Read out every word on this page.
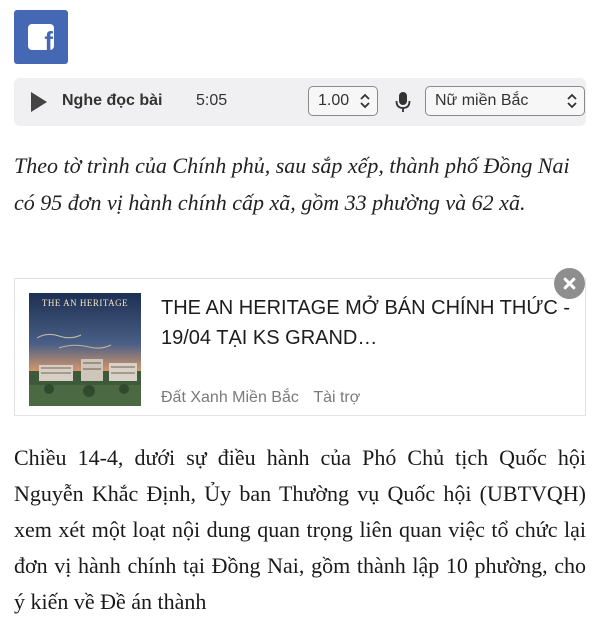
f
Nghe đọc bài 5:05	1.00	Nữ miền Bắc

Theo tờ trình của Chính phủ, sau sắp xếp, thành phố Đồng Nai có 95 đơn vị hành chính cấp xã, gồm 33 phường và 62 xã.

THE AN HERITAGE	THE AN HERITAGE MỞ BÁN CHÍNH THỨC - 19/04 TẠI KS GRAND…
Đất Xanh Miền Bắc Tài trợ

Chiều 14-4, dưới sự điều hành của Phó Chủ tịch Quốc hội Nguyễn Khắc Định, Ủy ban Thường vụ Quốc hội (UBTVQH) xem xét một loạt nội dung quan trọng liên quan việc tổ chức lại đơn vị hành chính tại Đồng Nai, gồm thành lập 10 phường, cho ý kiến về Đề án thành
